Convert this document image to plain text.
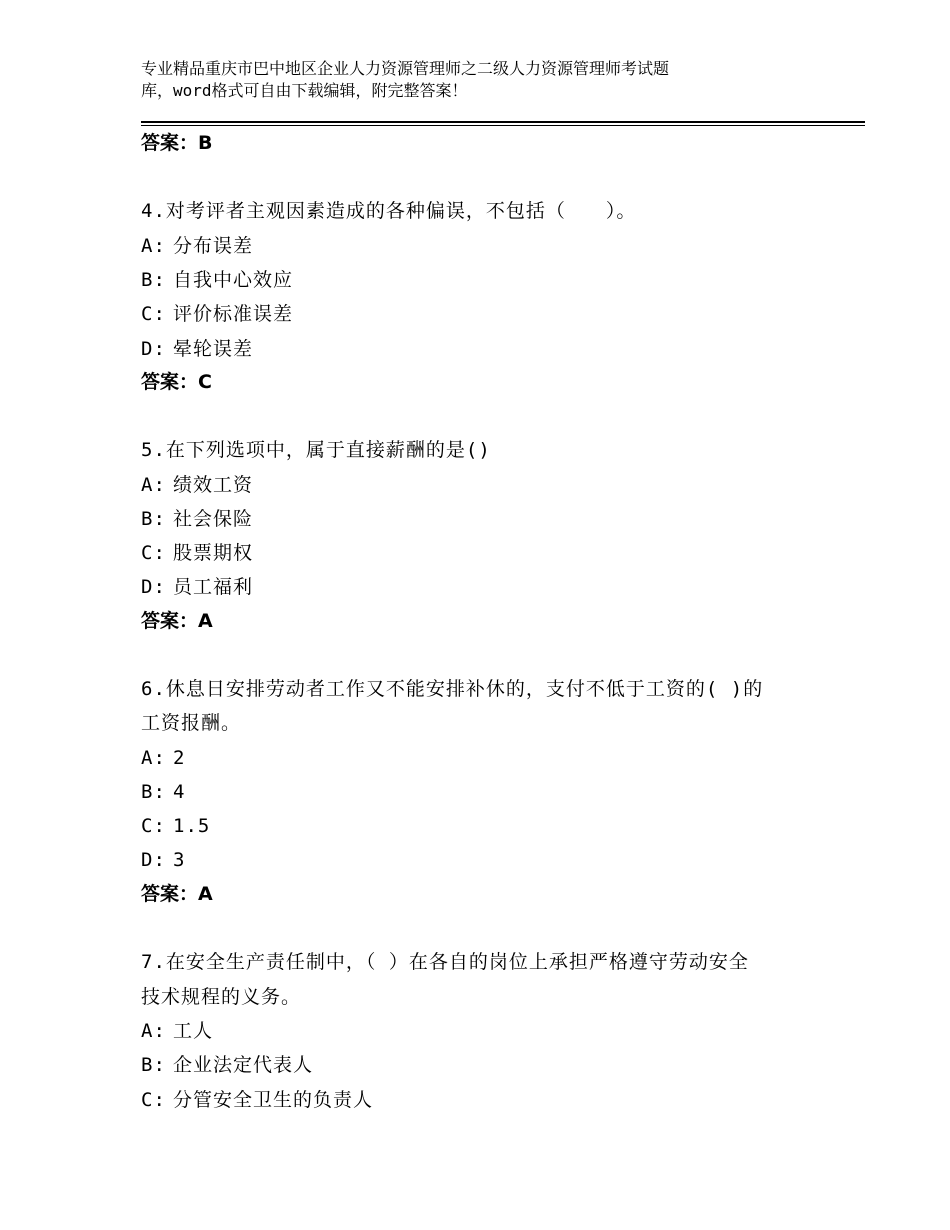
专业精品重庆市巴中地区企业人力资源管理师之二级人力资源管理师考试题
库，word格式可自由下载编辑，附完整答案！
答案：B
4.对考评者主观因素造成的各种偏误，不包括（　　）。
A: 分布误差
B: 自我中心效应
C: 评价标准误差
D: 晕轮误差
答案：C
5.在下列选项中，属于直接薪酬的是()
A: 绩效工资
B: 社会保险
C: 股票期权
D: 员工福利
答案：A
6.休息日安排劳动者工作又不能安排补休的，支付不低于工资的( )的
工资报酬。
A: 2
B: 4
C: 1.5
D: 3
答案：A
7.在安全生产责任制中，（ ）在各自的岗位上承担严格遵守劳动安全
技术规程的义务。
A: 工人
B: 企业法定代表人
C: 分管安全卫生的负责人
